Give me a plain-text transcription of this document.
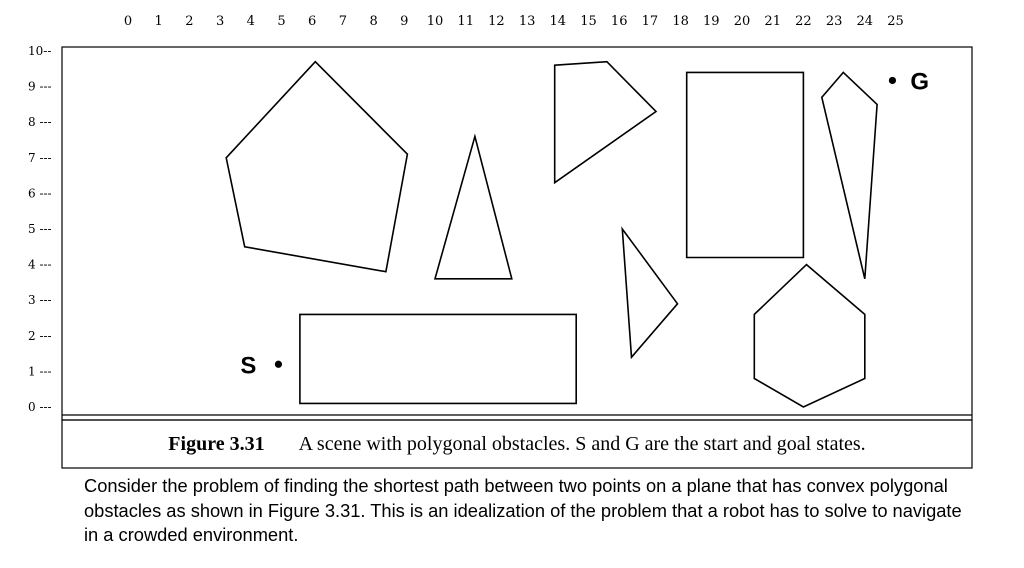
0 1 2 3 4 5 6 7 8 9 10 11 12 13 14 15 16 17 18 19 20 21 22 23 24 25
10--
9 ---
8 ---
7 ---
6 ---
5 ---
4 ---
3 ---
2 ---
1 ---
0 ---
S
G
Figure 3.31 A scene with polygonal obstacles. S and G are the start and goal states.
Consider the problem of finding the shortest path between two points on a plane that has convex polygonal obstacles as shown in Figure 3.31. This is an idealization of the problem that a robot has to solve to navigate in a crowded environment.
